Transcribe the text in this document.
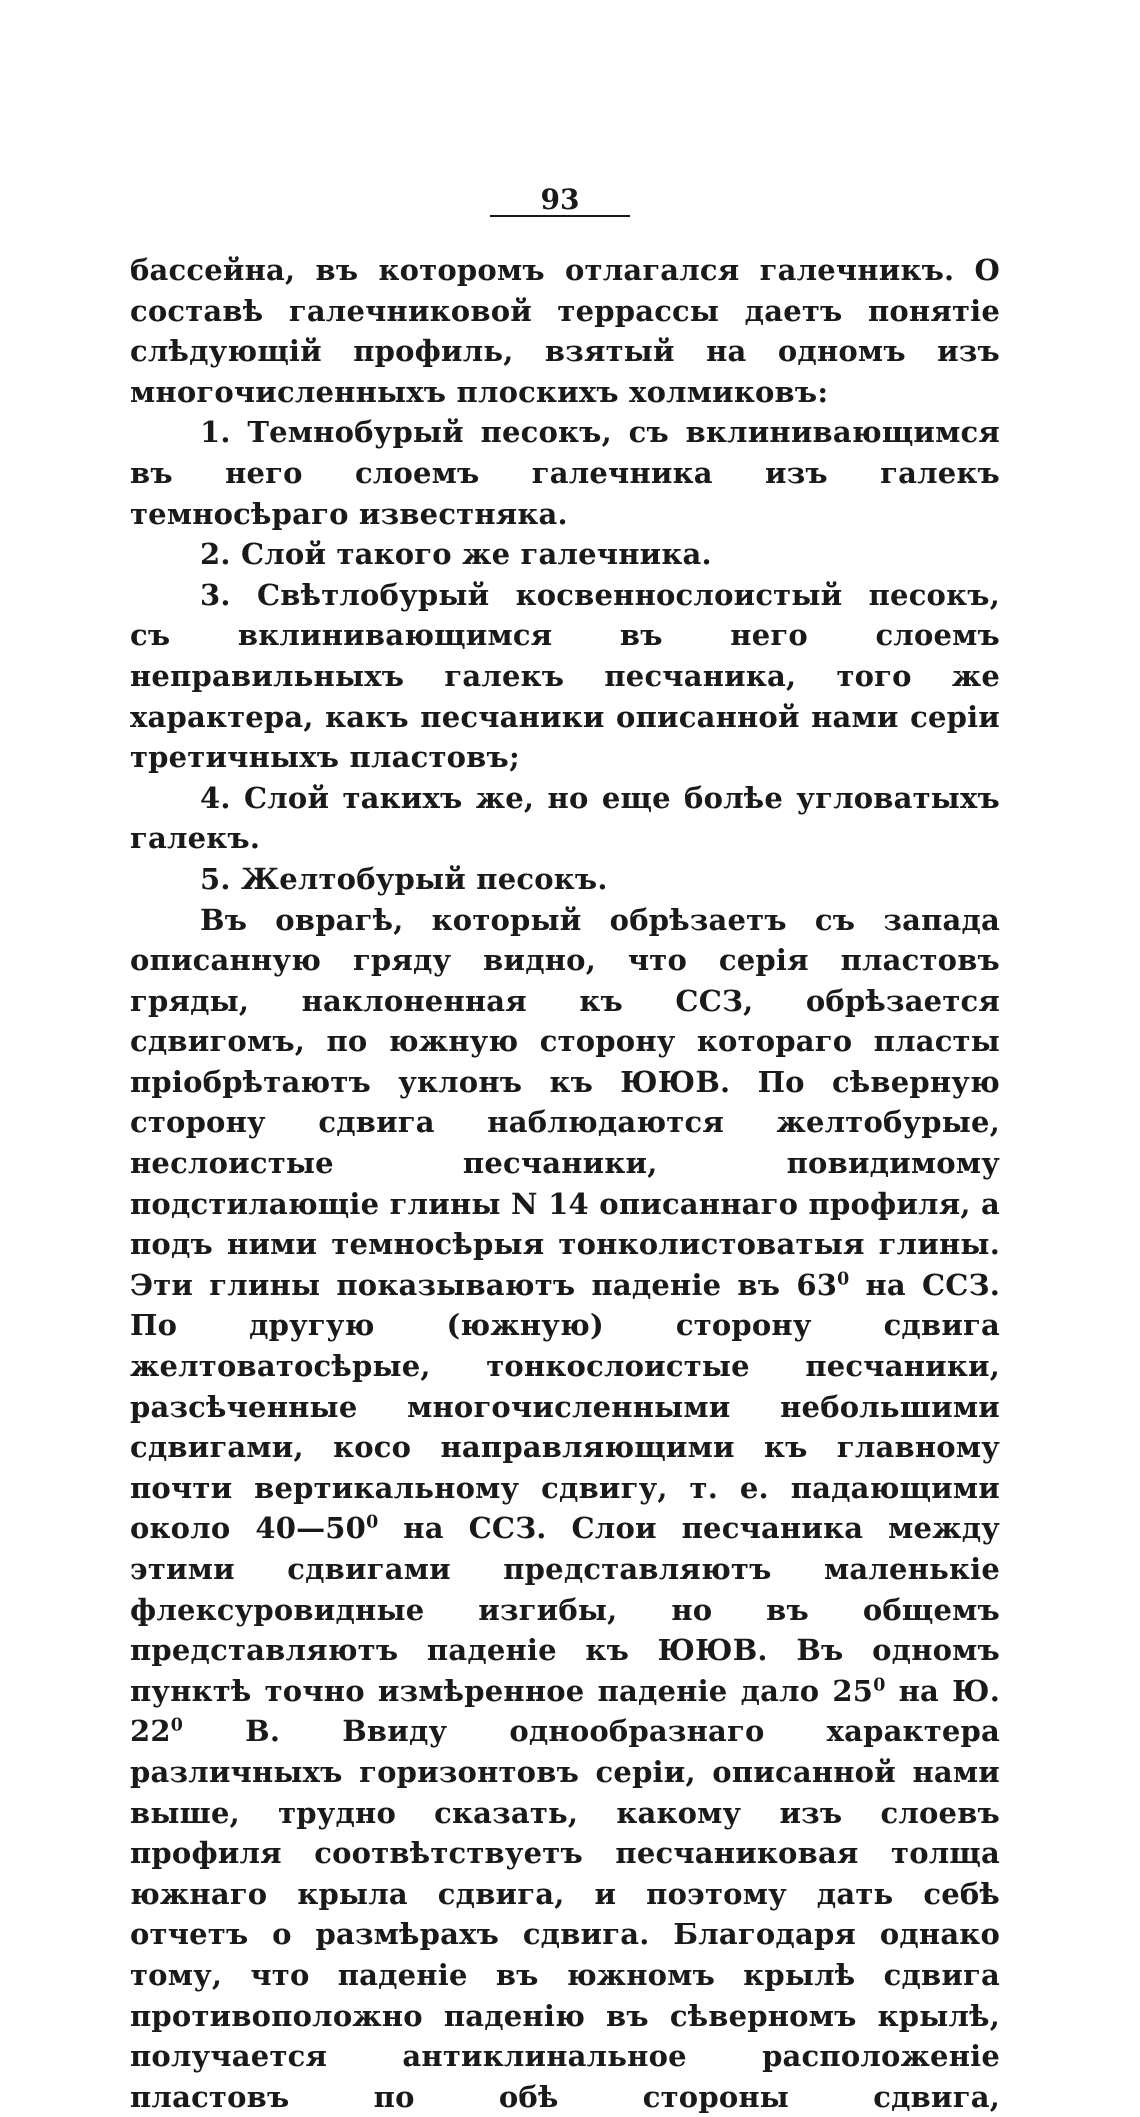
93

бассейна, въ которомъ отлагался галечникъ. О составѣ галечниковой террассы даетъ понятіе слѣдующій профиль, взятый на одномъ изъ многочисленныхъ плоскихъ холмиковъ:

1. Темнобурый песокъ, съ вклинивающимся въ него слоемъ галечника изъ галекъ темносѣраго известняка.

2. Слой такого же галечника.

3. Свѣтлобурый косвеннослоистый песокъ, съ вклинивающимся въ него слоемъ неправильныхъ галекъ песчаника, того же характера, какъ песчаники описанной нами серіи третичныхъ пластовъ;

4. Слой такихъ же, но еще болѣе угловатыхъ галекъ.

5. Желтобурый песокъ.

Въ оврагѣ, который обрѣзаетъ съ запада описанную гряду видно, что серія пластовъ гряды, наклоненная къ ССЗ, обрѣзается сдвигомъ, по южную сторону котораго пласты пріобрѣтаютъ уклонъ къ ЮЮВ. По сѣверную сторону сдвига наблюдаются желтобурые, неслоистые песчаники, повидимому подстилающіе глины N 14 описаннаго профиля, а подъ ними темносѣрыя тонколистоватыя глины. Эти глины показываютъ паденіе въ $63^0$ на ССЗ. По другую (южную) сторону сдвига желтоватосѣрые, тонкослоистые песчаники, разсѣченные многочисленными небольшими сдвигами, косо направляющими къ главному почти вертикальному сдвигу, т. е. падающими около $40—50^0$ на ССЗ. Слои песчаника между этими сдвигами представляютъ маленькіе флексуровидные изгибы, но въ общемъ представляютъ паденіе къ ЮЮВ. Въ одномъ пунктѣ точно измѣренное паденіе дало $25^0$ на Ю. $22^0$ В. Ввиду однообразнаго характера различныхъ горизонтовъ серіи, описанной нами выше, трудно сказать, какому изъ слоевъ профиля соотвѣтствуетъ песчаниковая толща южнаго крыла сдвига, и поэтому дать себѣ отчетъ о размѣрахъ сдвига. Благодаря однако тому, что паденіе въ южномъ крылѣ сдвига противоположно паденію въ сѣверномъ крылѣ, получается антиклинальное расположеніе пластовъ по обѣ стороны сдвига,
